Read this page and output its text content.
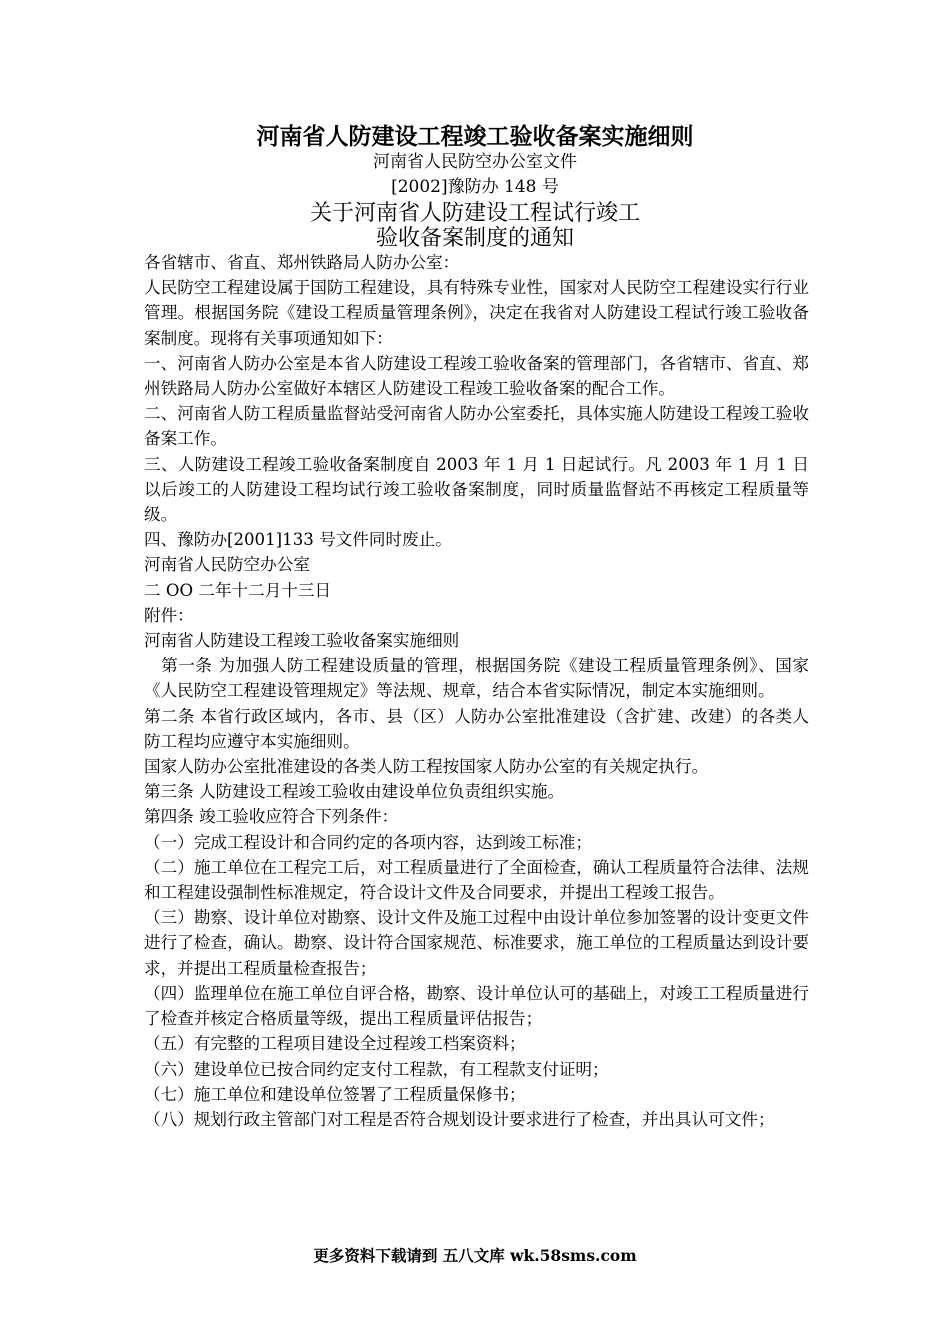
河南省人防建设工程竣工验收备案实施细则
河南省人民防空办公室文件
[2002]豫防办 148 号
关于河南省人防建设工程试行竣工
验收备案制度的通知

各省辖市、省直、郑州铁路局人防办公室：

人民防空工程建设属于国防工程建设，具有特殊专业性，国家对人民防空工程建设实行行业管理。根据国务院《建设工程质量管理条例》，决定在我省对人防建设工程试行竣工验收备案制度。现将有关事项通知如下：

一、河南省人防办公室是本省人防建设工程竣工验收备案的管理部门，各省辖市、省直、郑州铁路局人防办公室做好本辖区人防建设工程竣工验收备案的配合工作。

二、河南省人防工程质量监督站受河南省人防办公室委托，具体实施人防建设工程竣工验收备案工作。

三、人防建设工程竣工验收备案制度自 2003 年 1 月 1 日起试行。凡 2003 年 1 月 1 日以后竣工的人防建设工程均试行竣工验收备案制度，同时质量监督站不再核定工程质量等级。

四、豫防办[2001]133 号文件同时废止。

河南省人民防空办公室

二 OO 二年十二月十三日

附件：

河南省人防建设工程竣工验收备案实施细则

　第一条 为加强人防工程建设质量的管理，根据国务院《建设工程质量管理条例》、国家《人民防空工程建设管理规定》等法规、规章，结合本省实际情况，制定本实施细则。

第二条 本省行政区域内，各市、县（区）人防办公室批准建设（含扩建、改建）的各类人防工程均应遵守本实施细则。

国家人防办公室批准建设的各类人防工程按国家人防办公室的有关规定执行。

第三条 人防建设工程竣工验收由建设单位负责组织实施。

第四条 竣工验收应符合下列条件：

（一）完成工程设计和合同约定的各项内容，达到竣工标准；

（二）施工单位在工程完工后，对工程质量进行了全面检查，确认工程质量符合法律、法规和工程建设强制性标准规定，符合设计文件及合同要求，并提出工程竣工报告。

（三）勘察、设计单位对勘察、设计文件及施工过程中由设计单位参加签署的设计变更文件进行了检查，确认。勘察、设计符合国家规范、标准要求，施工单位的工程质量达到设计要求，并提出工程质量检查报告；

（四）监理单位在施工单位自评合格，勘察、设计单位认可的基础上，对竣工工程质量进行了检查并核定合格质量等级，提出工程质量评估报告；

（五）有完整的工程项目建设全过程竣工档案资料；

（六）建设单位已按合同约定支付工程款，有工程款支付证明；

（七）施工单位和建设单位签署了工程质量保修书；

（八）规划行政主管部门对工程是否符合规划设计要求进行了检查，并出具认可文件；

更多资料下载请到 五八文库 wk.58sms.com
